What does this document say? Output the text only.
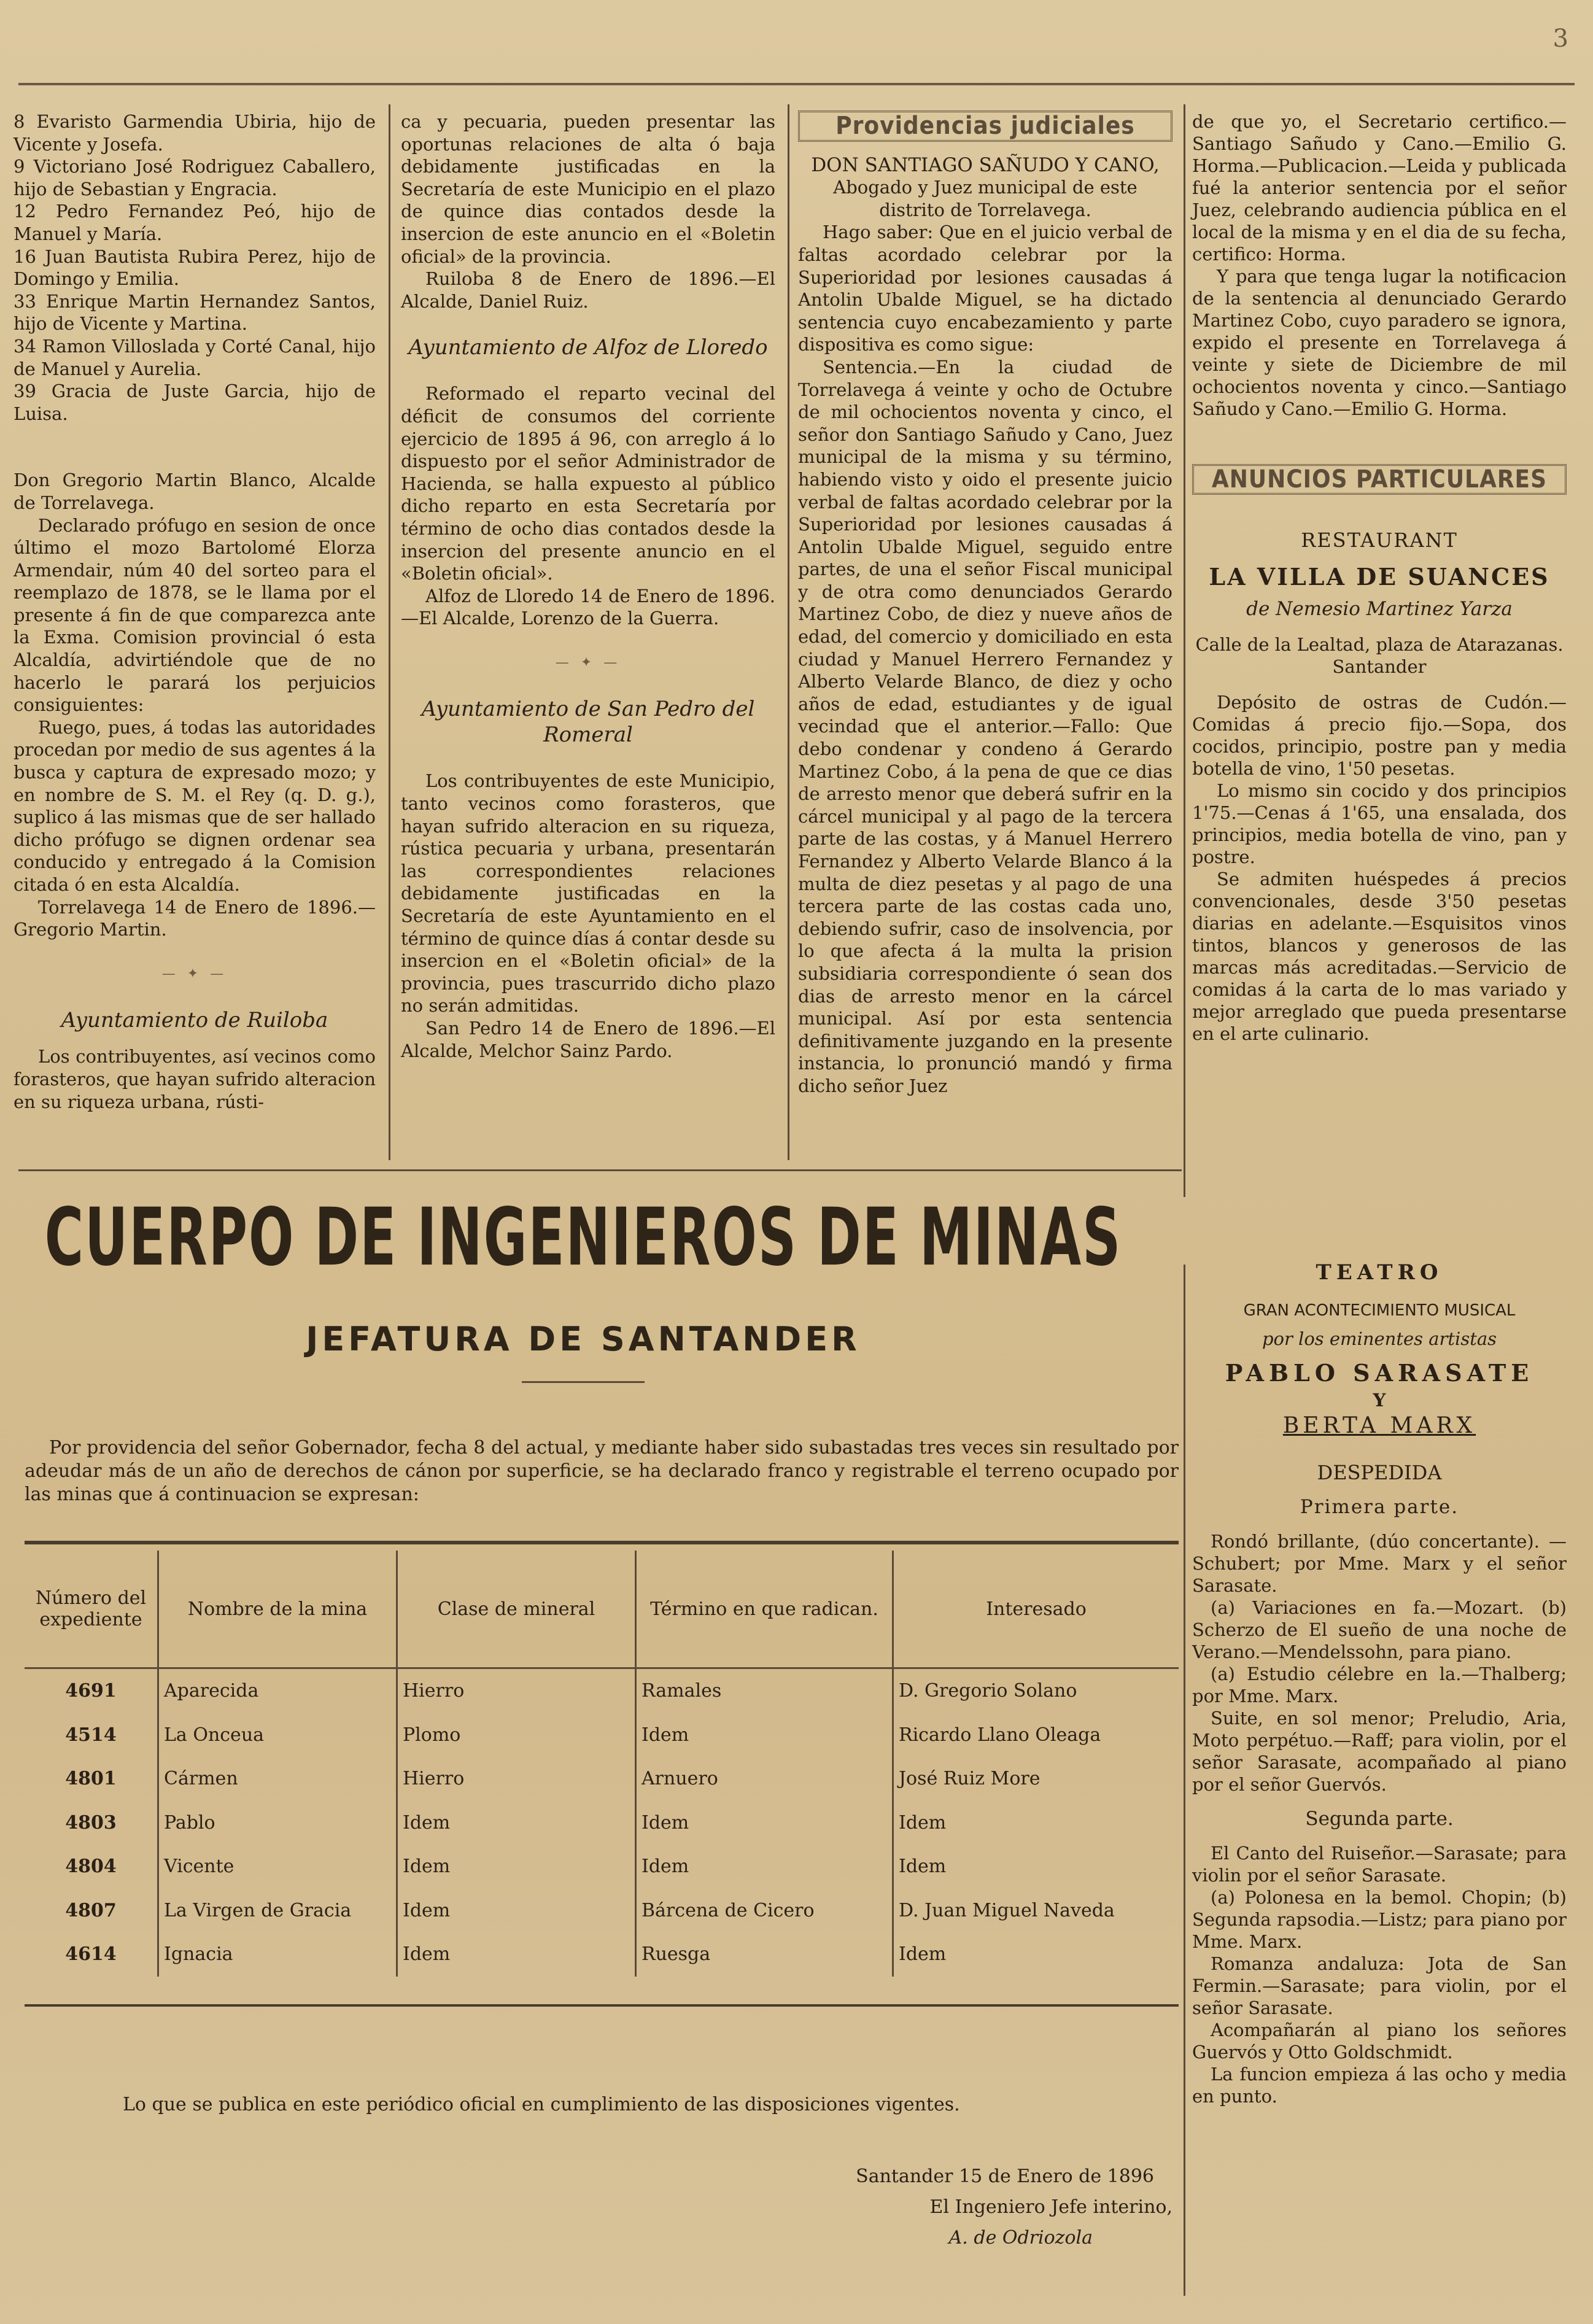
3

8 Evaristo Garmendia Ubiria, hijo de Vicente y Josefa.

9 Victoriano José Rodriguez Caballero, hijo de Sebastian y Engracia.

12 Pedro Fernandez Peó, hijo de Manuel y María.

16 Juan Bautista Rubira Perez, hijo de Domingo y Emilia.

33 Enrique Martin Hernandez Santos, hijo de Vicente y Martina.

34 Ramon Villoslada y Corté Canal, hijo de Manuel y Aurelia.

39 Gracia de Juste Garcia, hijo de Luisa.

Don Gregorio Martin Blanco, Alcalde de Torrelavega.

Declarado prófugo en sesion de once último el mozo Bartolomé Elorza Armendair, núm 40 del sorteo para el reemplazo de 1878, se le llama por el presente á fin de que comparezca ante la Exma. Comision provincial ó esta Alcaldía, advirtiéndole que de no hacerlo le parará los perjuicios consiguientes:

Ruego, pues, á todas las autoridades procedan por medio de sus agentes á la busca y captura de expresado mozo; y en nombre de S. M. el Rey (q. D. g.), suplico á las mismas que de ser hallado dicho prófugo se dignen ordenar sea conducido y entregado á la Comision citada ó en esta Alcaldía.

Torrelavega 14 de Enero de 1896.—Gregorio Martin.

— ✦ —

Ayuntamiento de Ruiloba

Los contribuyentes, así vecinos como forasteros, que hayan sufrido alteracion en su riqueza urbana, rústi-

ca y pecuaria, pueden presentar las oportunas relaciones de alta ó baja debidamente justificadas en la Secretaría de este Municipio en el plazo de quince dias contados desde la insercion de este anuncio en el «Boletin oficial» de la provincia.

Ruiloba 8 de Enero de 1896.—El Alcalde, Daniel Ruiz.

Ayuntamiento de Alfoz de Lloredo

Reformado el reparto vecinal del déficit de consumos del corriente ejercicio de 1895 á 96, con arreglo á lo dispuesto por el señor Administrador de Hacienda, se halla expuesto al público dicho reparto en esta Secretaría por término de ocho dias contados desde la insercion del presente anuncio en el «Boletin oficial».

Alfoz de Lloredo 14 de Enero de 1896.—El Alcalde, Lorenzo de la Guerra.

— ✦ —

Ayuntamiento de San Pedro del Romeral

Los contribuyentes de este Municipio, tanto vecinos como forasteros, que hayan sufrido alteracion en su riqueza, rústica pecuaria y urbana, presentarán las correspondientes relaciones debidamente justificadas en la Secretaría de este Ayuntamiento en el término de quince días á contar desde su insercion en el «Boletin oficial» de la provincia, pues trascurrido dicho plazo no serán admitidas.

San Pedro 14 de Enero de 1896.—El Alcalde, Melchor Sainz Pardo.

Providencias judiciales

DON SANTIAGO SAÑUDO Y CANO,

Abogado y Juez municipal de este distrito de Torrelavega.

Hago saber: Que en el juicio verbal de faltas acordado celebrar por la Superioridad por lesiones causadas á Antolin Ubalde Miguel, se ha dictado sentencia cuyo encabezamiento y parte dispositiva es como sigue:

Sentencia.—En la ciudad de Torrelavega á veinte y ocho de Octubre de mil ochocientos noventa y cinco, el señor don Santiago Sañudo y Cano, Juez municipal de la misma y su término, habiendo visto y oido el presente juicio verbal de faltas acordado celebrar por la Superioridad por lesiones causadas á Antolin Ubalde Miguel, seguido entre partes, de una el señor Fiscal municipal y de otra como denunciados Gerardo Martinez Cobo, de diez y nueve años de edad, del comercio y domiciliado en esta ciudad y Manuel Herrero Fernandez y Alberto Velarde Blanco, de diez y ocho años de edad, estudiantes y de igual vecindad que el anterior.—Fallo: Que debo condenar y condeno á Gerardo Martinez Cobo, á la pena de que ce dias de arresto menor que deberá sufrir en la cárcel municipal y al pago de la tercera parte de las costas, y á Manuel Herrero Fernandez y Alberto Velarde Blanco á la multa de diez pesetas y al pago de una tercera parte de las costas cada uno, debiendo sufrir, caso de insolvencia, por lo que afecta á la multa la prision subsidiaria correspondiente ó sean dos dias de arresto menor en la cárcel municipal. Así por esta sentencia definitivamente juzgando en la presente instancia, lo pronunció mandó y firma dicho señor Juez

de que yo, el Secretario certifico.—Santiago Sañudo y Cano.—Emilio G. Horma.—Publicacion.—Leida y publicada fué la anterior sentencia por el señor Juez, celebrando audiencia pública en el local de la misma y en el dia de su fecha, certifico: Horma.

Y para que tenga lugar la notificacion de la sentencia al denunciado Gerardo Martinez Cobo, cuyo paradero se ignora, expido el presente en Torrelavega á veinte y siete de Diciembre de mil ochocientos noventa y cinco.—Santiago Sañudo y Cano.—Emilio G. Horma.

ANUNCIOS PARTICULARES

RESTAURANT

LA VILLA DE SUANCES

de Nemesio Martinez Yarza

Calle de la Lealtad, plaza de Atarazanas.

Santander

Depósito de ostras de Cudón.—Comidas á precio fijo.—Sopa, dos cocidos, principio, postre pan y media botella de vino, 1'50 pesetas.

Lo mismo sin cocido y dos principios 1'75.—Cenas á 1'65, una ensalada, dos principios, media botella de vino, pan y postre.

Se admiten huéspedes á precios convencionales, desde 3'50 pesetas diarias en adelante.—Esquisitos vinos tintos, blancos y generosos de las marcas más acreditadas.—Servicio de comidas á la carta de lo mas variado y mejor arreglado que pueda presentarse en el arte culinario.

TEATRO

GRAN ACONTECIMIENTO MUSICAL

por los eminentes artistas

PABLO SARASATE

Y

BERTA MARX

DESPEDIDA

Primera parte.

Rondó brillante, (dúo concertante). —Schubert; por Mme. Marx y el señor Sarasate.

(a) Variaciones en fa.—Mozart. (b) Scherzo de El sueño de una noche de Verano.—Mendelssohn, para piano.

(a) Estudio célebre en la.—Thalberg; por Mme. Marx.

Suite, en sol menor; Preludio, Aria, Moto perpétuo.—Raff; para violin, por el señor Sarasate, acompañado al piano por el señor Guervós.

Segunda parte.

El Canto del Ruiseñor.—Sarasate; para violin por el señor Sarasate.

(a) Polonesa en la bemol. Chopin; (b) Segunda rapsodia.—Listz; para piano por Mme. Marx.

Romanza andaluza: Jota de San Fermin.—Sarasate; para violin, por el señor Sarasate.

Acompañarán al piano los señores Guervós y Otto Goldschmidt.

La funcion empieza á las ocho y media en punto.

CUERPO DE INGENIEROS DE MINAS
JEFATURA DE SANTANDER
Por providencia del señor Gobernador, fecha 8 del actual, y mediante haber sido subastadas tres veces sin resultado por adeudar más de un año de derechos de cánon por superficie, se ha declarado franco y registrable el terreno ocupado por las minas que á continuacion se expresan:
Número del expediente	Nombre de la mina	Clase de mineral	Término en que radican.	Interesado
4691	Aparecida	Hierro	Ramales	D. Gregorio Solano
4514	La Onceua	Plomo	Idem	Ricardo Llano Oleaga
4801	Cármen	Hierro	Arnuero	José Ruiz More
4803	Pablo	Idem	Idem	Idem
4804	Vicente	Idem	Idem	Idem
4807	La Virgen de Gracia	Idem	Bárcena de Cicero	D. Juan Miguel Naveda
4614	Ignacia	Idem	Ruesga	Idem
Lo que se publica en este periódico oficial en cumplimiento de las disposiciones vigentes.
Santander 15 de Enero de 1896
El Ingeniero Jefe interino,
A. de Odriozola
